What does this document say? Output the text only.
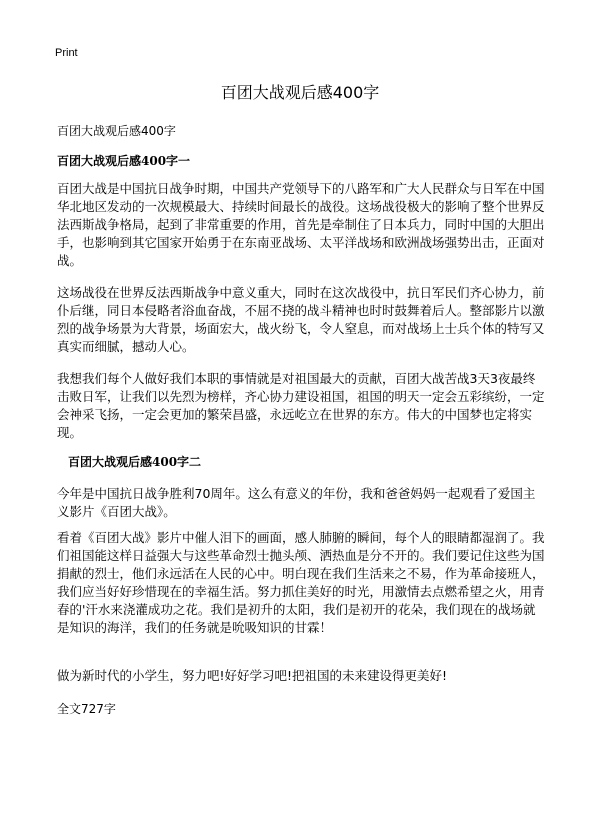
Print
百团大战观后感400字
百团大战观后感400字
百团大战观后感400字一
百团大战是中国抗日战争时期，中国共产党领导下的八路军和广大人民群众与日军在中国华北地区发动的一次规模最大、持续时间最长的战役。这场战役极大的影响了整个世界反法西斯战争格局，起到了非常重要的作用，首先是牵制住了日本兵力，同时中国的大胆出手，也影响到其它国家开始勇于在东南亚战场、太平洋战场和欧洲战场强势出击，正面对战。
这场战役在世界反法西斯战争中意义重大，同时在这次战役中，抗日军民们齐心协力，前仆后继，同日本侵略者浴血奋战，不屈不挠的战斗精神也时时鼓舞着后人。整部影片以激烈的战争场景为大背景，场面宏大，战火纷飞，令人窒息，而对战场上士兵个体的特写又真实而细腻，撼动人心。
我想我们每个人做好我们本职的事情就是对祖国最大的贡献，百团大战苦战3天3夜最终击败日军，让我们以先烈为榜样，齐心协力建设祖国，祖国的明天一定会五彩缤纷，一定会神采飞扬，一定会更加的繁荣昌盛，永远屹立在世界的东方。伟大的中国梦也定将实现。
百团大战观后感400字二
今年是中国抗日战争胜利70周年。这么有意义的年份，我和爸爸妈妈一起观看了爱国主义影片《百团大战》。
看着《百团大战》影片中催人泪下的画面，感人肺腑的瞬间，每个人的眼睛都湿润了。我们祖国能这样日益强大与这些革命烈士抛头颅、洒热血是分不开的。我们要记住这些为国捐献的烈士，他们永远活在人民的心中。明白现在我们生活来之不易，作为革命接班人，我们应当好好珍惜现在的幸福生活。努力抓住美好的时光，用激情去点燃希望之火，用青春的'汗水来浇灌成功之花。我们是初升的太阳，我们是初开的花朵，我们现在的战场就是知识的海洋，我们的任务就是吮吸知识的甘霖！
做为新时代的小学生，努力吧!好好学习吧!把祖国的未来建设得更美好!
全文727字
